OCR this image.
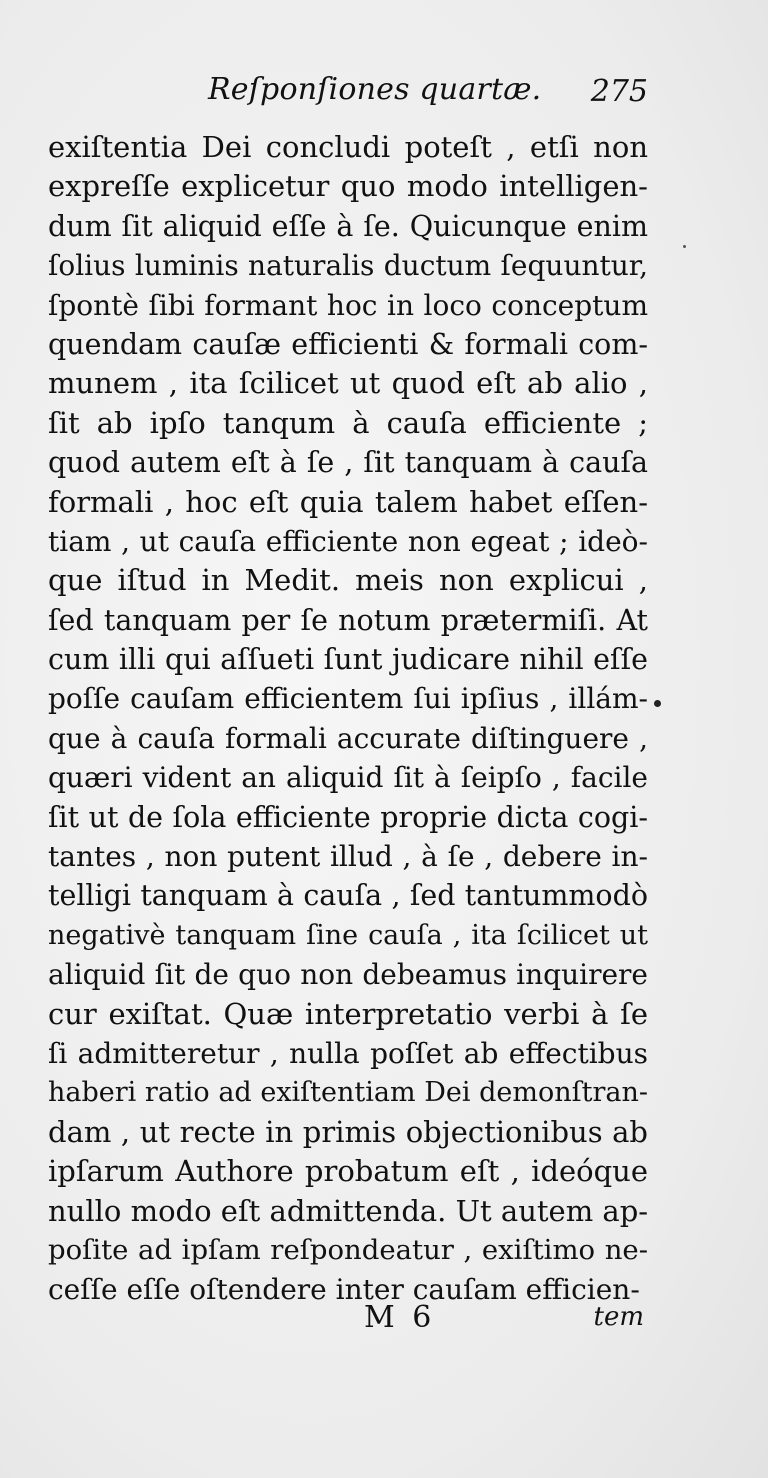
Reſponſiones quartæ. 275
exiſtentia Dei concludi poteſt , etſi non
expreſſe explicetur quo modo intelligen-
dum ſit aliquid eſſe à ſe. Quicunque enim
ſolius luminis naturalis ductum ſequuntur,
ſpontè ſibi formant hoc in loco conceptum
quendam cauſæ efficienti & formali com-
munem , ita ſcilicet ut quod eſt ab alio ,
ſit ab ipſo tanqum à cauſa efficiente ;
quod autem eſt à ſe , ſit tanquam à cauſa
formali , hoc eſt quia talem habet eſſen-
tiam , ut cauſa efficiente non egeat ; ideò-
que iſtud in Medit. meis non explicui ,
ſed tanquam per ſe notum prætermiſi. At
cum illi qui aſſueti ſunt judicare nihil eſſe
poſſe cauſam efficientem ſui ipſius , illám-
que à cauſa formali accurate diſtinguere ,
quæri vident an aliquid ſit à ſeipſo , facile
ſit ut de ſola efficiente proprie dicta cogi-
tantes , non putent illud , à ſe , debere in-
telligi tanquam à cauſa , ſed tantummodò
negativè tanquam ſine cauſa , ita ſcilicet ut
aliquid ſit de quo non debeamus inquirere
cur exiſtat. Quæ interpretatio verbi à ſe
ſi admitteretur , nulla poſſet ab effectibus
haberi ratio ad exiſtentiam Dei demonſtran-
dam , ut recte in primis objectionibus ab
ipſarum Authore probatum eſt , ideóque
nullo modo eſt admittenda. Ut autem ap-
poſite ad ipſam reſpondeatur , exiſtimo ne-
ceſſe eſſe oſtendere inter cauſam efficien-
M 6	tem
